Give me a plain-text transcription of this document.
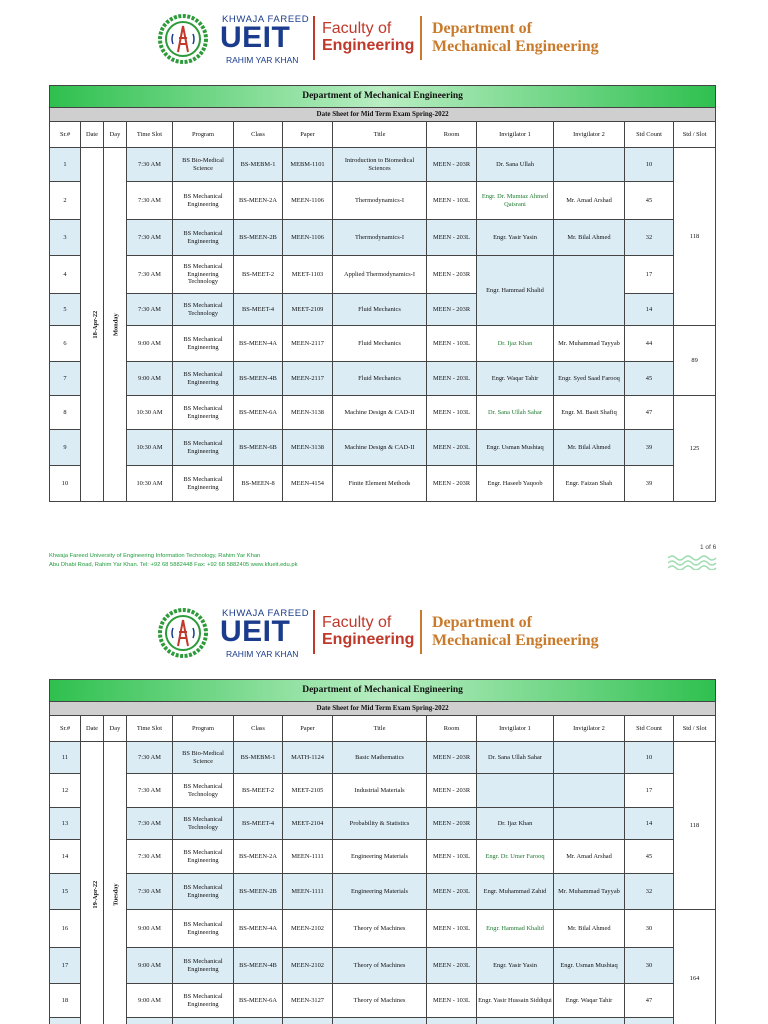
KHWAJA FAREED
UEIT
RAHIM YAR KHAN
Faculty of
Engineering
Department of
Mechanical Engineering
Department of Mechanical Engineering												
Date Sheet for Mid Term Exam Spring-2022												
Sr.#	Date	Day	Time Slot	Program	Class	Paper	Title	Room	Invigilator 1	Invigilator 2	Std Count	Std / Slot
1	18-Apr-22	Monday	7:30 AM	BS Bio-Medical Science	BS-MEBM-1	MEBM-1101	Introduction to Biomedical Sciences	MEEN - 203R	Dr. Sana Ullah		10	118
2			7:30 AM	BS Mechanical Engineering	BS-MEEN-2A	MEEN-1106	Thermodynamics-I	MEEN - 103L	Engr. Dr. Mumtaz Ahmed Qaisrani	Mr. Amad Arshad	45	
3			7:30 AM	BS Mechanical Engineering	BS-MEEN-2B	MEEN-1106	Thermodynamics-I	MEEN - 203L	Engr. Yasir Yasin	Mr. Bilal Ahmed	32	
4			7:30 AM	BS Mechanical Engineering Technology	BS-MEET-2	MEET-1103	Applied Thermodynamics-I	MEEN - 203R	Engr. Hammad Khalid		17	
5			7:30 AM	BS Mechanical Technology	BS-MEET-4	MEET-2109	Fluid Mechanics	MEEN - 203R			14	
6			9:00 AM	BS Mechanical Engineering	BS-MEEN-4A	MEEN-2117	Fluid Mechanics	MEEN - 103L	Dr. Ijaz Khan	Mr. Muhammad Tayyab	44	89
7			9:00 AM	BS Mechanical Engineering	BS-MEEN-4B	MEEN-2117	Fluid Mechanics	MEEN - 203L	Engr. Waqar Tahir	Engr. Syed Saad Farooq	45	
8			10:30 AM	BS Mechanical Engineering	BS-MEEN-6A	MEEN-3138	Machine Design & CAD-II	MEEN - 103L	Dr. Sana Ullah Sahar	Engr. M. Basit Shafiq	47	125
9			10:30 AM	BS Mechanical Engineering	BS-MEEN-6B	MEEN-3138	Machine Design & CAD-II	MEEN - 203L	Engr. Usman Mushtaq	Mr. Bilal Ahmed	39	
10			10:30 AM	BS Mechanical Engineering	BS-MEEN-8	MEEN-4154	Finite Element Methods	MEEN - 203R	Engr. Haseeb Yaqoob	Engr. Faizan Shah	39	
Khwaja Fareed University of Engineering Information Technology, Rahim Yar Khan
Abu Dhabi Road, Rahim Yar Khan. Tel: +92 68 5882448 Fax: +92 68 5882405 www.kfueit.edu.pk
1 of 6
KHWAJA FAREED
UEIT
RAHIM YAR KHAN
Faculty of
Engineering
Department of
Mechanical Engineering
Department of Mechanical Engineering												
Date Sheet for Mid Term Exam Spring-2022												
Sr.#	Date	Day	Time Slot	Program	Class	Paper	Title	Room	Invigilator 1	Invigilator 2	Std Count	Std / Slot
11	19-Apr-22	Tuesday	7:30 AM	BS Bio-Medical Science	BS-MEBM-1	MATH-1124	Basic Mathematics	MEEN - 203R	Dr. Sana Ullah Sahar		10	118
12			7:30 AM	BS Mechanical Technology	BS-MEET-2	MEET-2105	Industrial Materials	MEEN - 203R			17	
13			7:30 AM	BS Mechanical Technology	BS-MEET-4	MEET-2104	Probability & Statistics	MEEN - 203R	Dr. Ijaz Khan		14	
14			7:30 AM	BS Mechanical Engineering	BS-MEEN-2A	MEEN-1111	Engineering Materials	MEEN - 103L	Engr. Dr. Umer Farooq	Mr. Amad Arshad	45	
15			7:30 AM	BS Mechanical Engineering	BS-MEEN-2B	MEEN-1111	Engineering Materials	MEEN - 203L	Engr. Muhammad Zahid	Mr. Muhammad Tayyab	32	
16			9:00 AM	BS Mechanical Engineering	BS-MEEN-4A	MEEN-2102	Theory of Machines	MEEN - 103L	Engr. Hammad Khalid	Mr. Bilal Ahmed	30	164
17			9:00 AM	BS Mechanical Engineering	BS-MEEN-4B	MEEN-2102	Theory of Machines	MEEN - 203L	Engr. Yasir Yasin	Engr. Usman Mushtaq	30	
18			9:00 AM	BS Mechanical Engineering	BS-MEEN-6A	MEEN-3127	Theory of Machines	MEEN - 103L	Engr. Yasir Hussain Siddiqui	Engr. Waqar Tahir	47	
